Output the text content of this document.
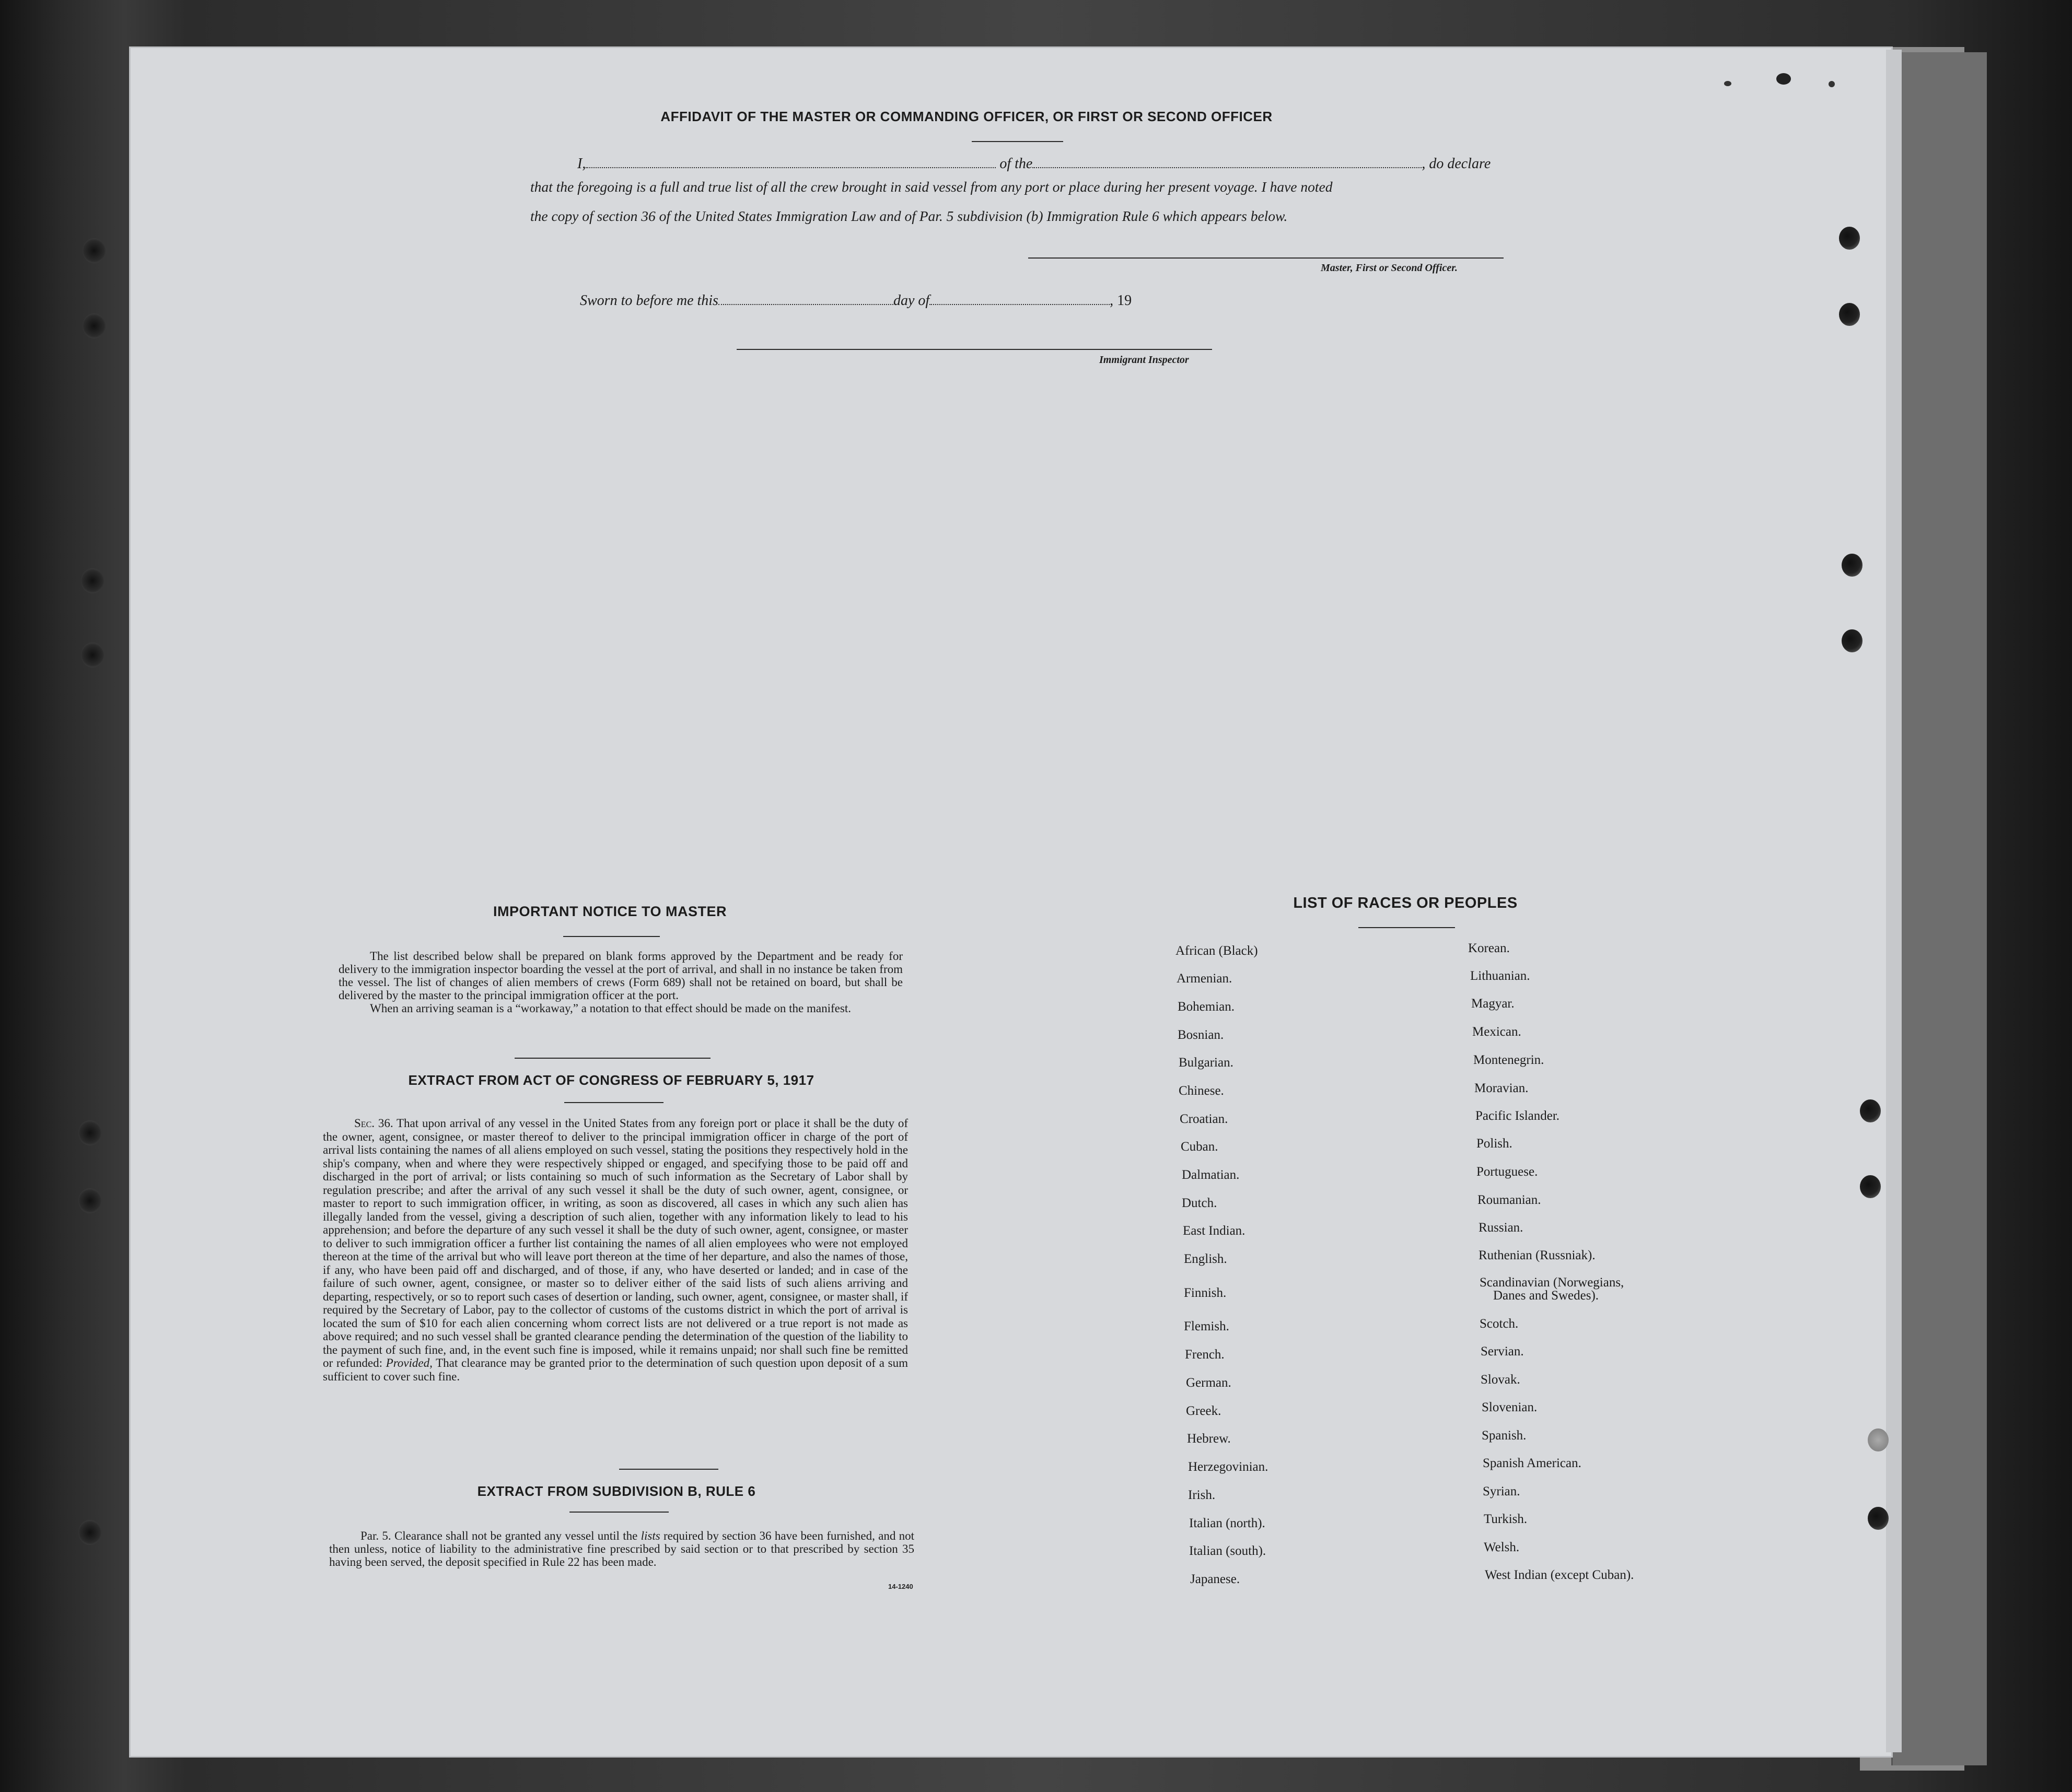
AFFIDAVIT OF THE MASTER OR COMMANDING OFFICER, OR FIRST OR SECOND OFFICER
I,	of the	, do declare
that the foregoing is a full and true list of all the crew brought in said vessel from any port or place during her present voyage. I have noted
the copy of section 36 of the United States Immigration Law and of Par. 5 subdivision (b) Immigration Rule 6 which appears below.
Master, First or Second Officer.
Sworn to before me this	day of	, 19
Immigrant Inspector
IMPORTANT NOTICE TO MASTER

The list described below shall be prepared on blank forms approved by the Department and be ready for delivery to the immigration inspector boarding the vessel at the port of arrival, and shall in no instance be taken from the vessel. The list of changes of alien members of crews (Form 689) shall not be retained on board, but shall be delivered by the master to the principal immigration officer at the port.

When an arriving seaman is a “workaway,” a notation to that effect should be made on the manifest.

EXTRACT FROM ACT OF CONGRESS OF FEBRUARY 5, 1917

Sec. 36. That upon arrival of any vessel in the United States from any foreign port or place it shall be the duty of the owner, agent, consignee, or master thereof to deliver to the principal immigration officer in charge of the port of arrival lists containing the names of all aliens employed on such vessel, stating the positions they respectively hold in the ship's company, when and where they were respectively shipped or engaged, and specifying those to be paid off and discharged in the port of arrival; or lists containing so much of such information as the Secretary of Labor shall by regulation prescribe; and after the arrival of any such vessel it shall be the duty of such owner, agent, consignee, or master to report to such immigration officer, in writing, as soon as discovered, all cases in which any such alien has illegally landed from the vessel, giving a description of such alien, together with any information likely to lead to his apprehension; and before the departure of any such vessel it shall be the duty of such owner, agent, consignee, or master to deliver to such immigration officer a further list containing the names of all alien employees who were not employed thereon at the time of the arrival but who will leave port thereon at the time of her departure, and also the names of those, if any, who have been paid off and discharged, and of those, if any, who have deserted or landed; and in case of the failure of such owner, agent, consignee, or master so to deliver either of the said lists of such aliens arriving and departing, respectively, or so to report such cases of desertion or landing, such owner, agent, consignee, or master shall, if required by the Secretary of Labor, pay to the collector of customs of the customs district in which the port of arrival is located the sum of $10 for each alien concerning whom correct lists are not delivered or a true report is not made as above required; and no such vessel shall be granted clearance pending the determination of the question of the liability to the payment of such fine, and, in the event such fine is imposed, while it remains unpaid; nor shall such fine be remitted or refunded: Provided, That clearance may be granted prior to the determination of such question upon deposit of a sum sufficient to cover such fine.

EXTRACT FROM SUBDIVISION B, RULE 6

Par. 5. Clearance shall not be granted any vessel until the lists required by section 36 have been furnished, and not then unless, notice of liability to the administrative fine prescribed by said section or to that prescribed by section 35 having been served, the deposit specified in Rule 22 has been made.

14-1240
LIST OF RACES OR PEOPLES
African (Black)
Armenian.
Bohemian.
Bosnian.
Bulgarian.
Chinese.
Croatian.
Cuban.
Dalmatian.
Dutch.
East Indian.
English.
Finnish.
Flemish.
French.
German.
Greek.
Hebrew.
Herzegovinian.
Irish.
Italian (north).
Italian (south).
Japanese.
Korean.
Lithuanian.
Magyar.
Mexican.
Montenegrin.
Moravian.
Pacific Islander.
Polish.
Portuguese.
Roumanian.
Russian.
Ruthenian (Russniak).
Scandinavian (Norwegians,
Danes and Swedes).
Scotch.
Servian.
Slovak.
Slovenian.
Spanish.
Spanish American.
Syrian.
Turkish.
Welsh.
West Indian (except Cuban).
